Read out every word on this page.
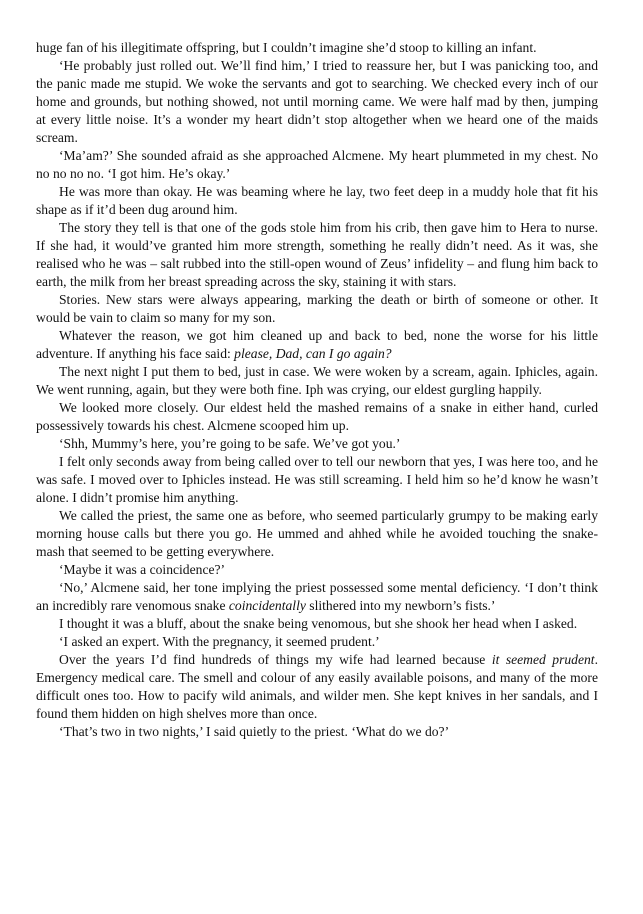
huge fan of his illegitimate offspring, but I couldn’t imagine she’d stoop to killing an infant.

‘He probably just rolled out. We’ll find him,’ I tried to reassure her, but I was panicking too, and the panic made me stupid. We woke the servants and got to searching. We checked every inch of our home and grounds, but nothing showed, not until morning came. We were half mad by then, jumping at every little noise. It’s a wonder my heart didn’t stop altogether when we heard one of the maids scream.

‘Ma’am?’ She sounded afraid as she approached Alcmene. My heart plummeted in my chest. No no no no no. ‘I got him. He’s okay.’

He was more than okay. He was beaming where he lay, two feet deep in a muddy hole that fit his shape as if it’d been dug around him.

The story they tell is that one of the gods stole him from his crib, then gave him to Hera to nurse. If she had, it would’ve granted him more strength, something he really didn’t need. As it was, she realised who he was – salt rubbed into the still-open wound of Zeus’ infidelity – and flung him back to earth, the milk from her breast spreading across the sky, staining it with stars.

Stories. New stars were always appearing, marking the death or birth of someone or other. It would be vain to claim so many for my son.

Whatever the reason, we got him cleaned up and back to bed, none the worse for his little adventure. If anything his face said: please, Dad, can I go again?

The next night I put them to bed, just in case. We were woken by a scream, again. Iphicles, again. We went running, again, but they were both fine. Iph was crying, our eldest gurgling happily.

We looked more closely. Our eldest held the mashed remains of a snake in either hand, curled possessively towards his chest. Alcmene scooped him up.

‘Shh, Mummy’s here, you’re going to be safe. We’ve got you.’

I felt only seconds away from being called over to tell our newborn that yes, I was here too, and he was safe. I moved over to Iphicles instead. He was still screaming. I held him so he’d know he wasn’t alone. I didn’t promise him anything.

We called the priest, the same one as before, who seemed particularly grumpy to be making early morning house calls but there you go. He ummed and ahhed while he avoided touching the snake-mash that seemed to be getting everywhere.

‘Maybe it was a coincidence?’

‘No,’ Alcmene said, her tone implying the priest possessed some mental deficiency. ‘I don’t think an incredibly rare venomous snake coincidentally slithered into my newborn’s fists.’

I thought it was a bluff, about the snake being venomous, but she shook her head when I asked.

‘I asked an expert. With the pregnancy, it seemed prudent.’

Over the years I’d find hundreds of things my wife had learned because it seemed prudent. Emergency medical care. The smell and colour of any easily available poisons, and many of the more difficult ones too. How to pacify wild animals, and wilder men. She kept knives in her sandals, and I found them hidden on high shelves more than once.

‘That’s two in two nights,’ I said quietly to the priest. ‘What do we do?’
